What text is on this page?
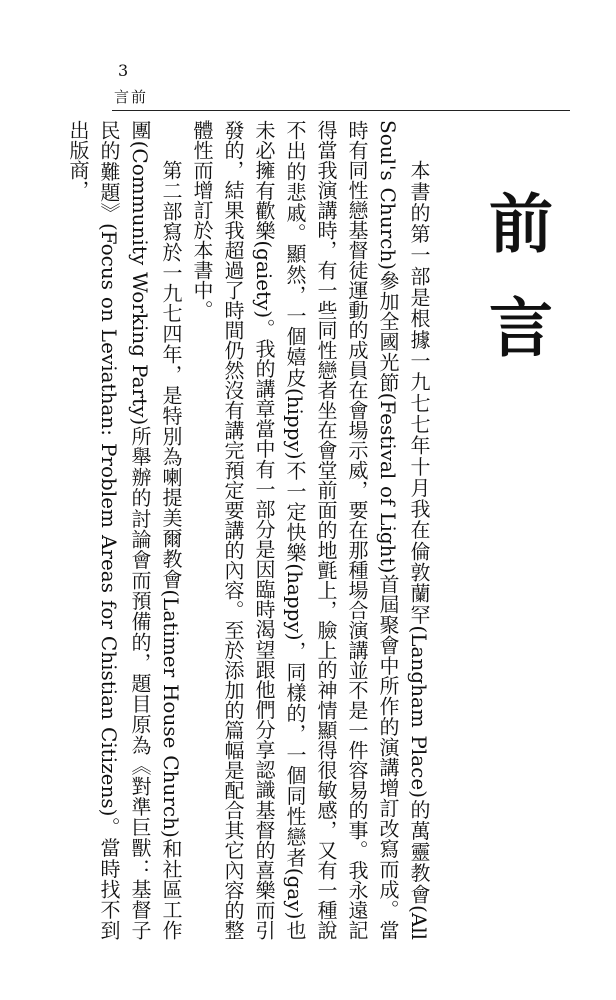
3
言前
前言

本書的第一部是根據一九七七年十月我在倫敦蘭罕(Langham Place)的萬靈教會(All Soul's Church)參加全國光節(Festival of Light)首屆聚會中所作的演講增訂改寫而成。當時有同性戀基督徒運動的成員在會場示威，要在那種場合演講並不是一件容易的事。我永遠記得當我演講時，有一些同性戀者坐在會堂前面的地氈上，臉上的神情顯得很敏感，又有一種說不出的悲戚。顯然，一個嬉皮(hippy)不一定快樂(happy)，同樣的，一個同性戀者(gay)也未必擁有歡樂(gaiety)。我的講章當中有一部分是因臨時渴望跟他們分享認識基督的喜樂而引發的，結果我超過了時間仍然沒有講完預定要講的內容。至於添加的篇幅是配合其它內容的整體性而增訂於本書中。

第二部寫於一九七四年，是特別為喇提美爾教會(Latimer House Church)和社區工作團(Community Working Party)所舉辦的討論會而預備的，題目原為《對準巨獸：基督子民的難題》(Focus on Leviathan: Problem Areas for Chistian Citizens)。當時找不到出版商，
